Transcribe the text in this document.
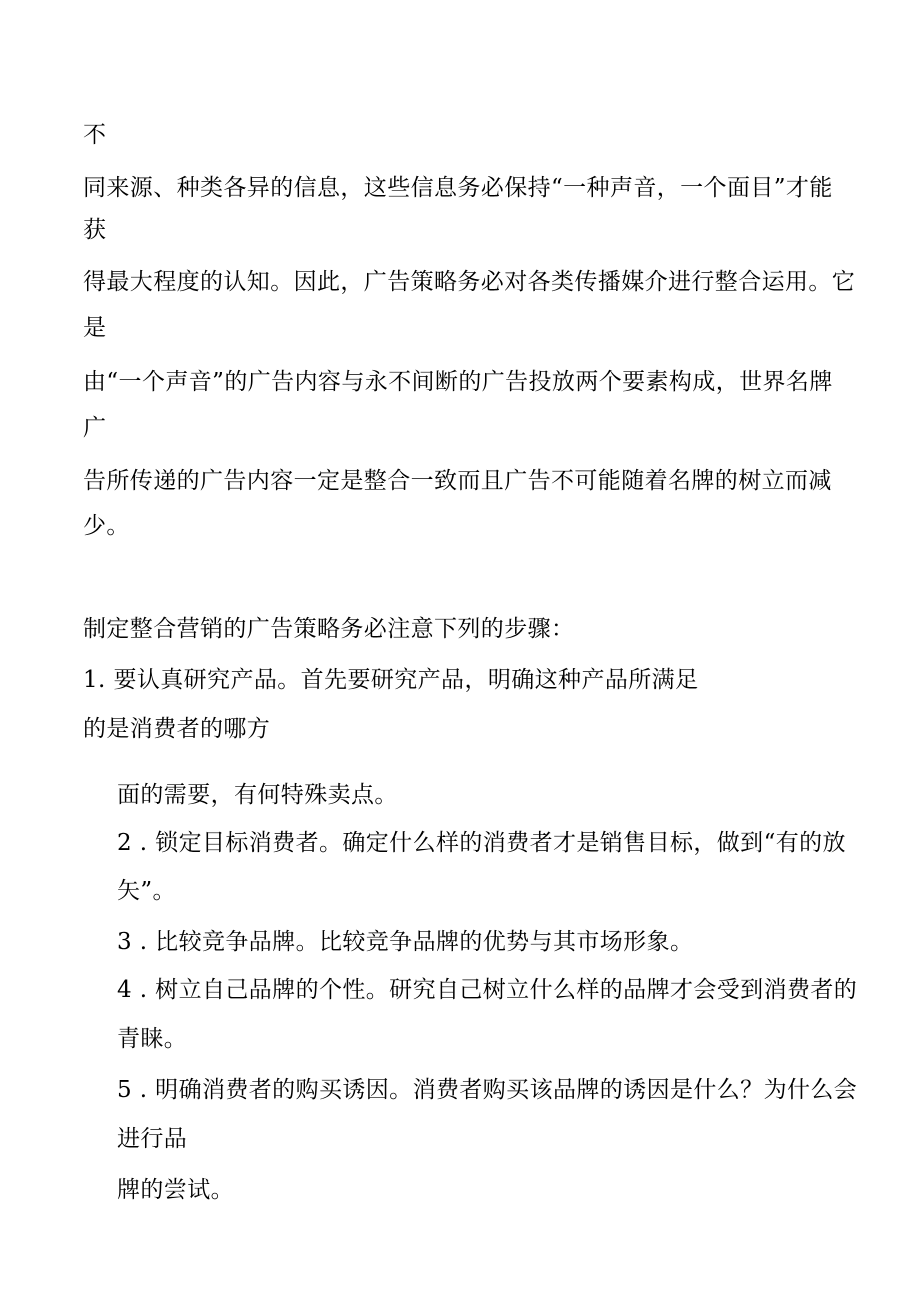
不
同来源、种类各异的信息，这些信息务必保持“一种声音，一个面目”才能
获
得最大程度的认知。因此，广告策略务必对各类传播媒介进行整合运用。它
是
由“一个声音”的广告内容与永不间断的广告投放两个要素构成，世界名牌
广
告所传递的广告内容一定是整合一致而且广告不可能随着名牌的树立而减
少。
制定整合营销的广告策略务必注意下列的步骤：
1. 要认真研究产品。首先要研究产品，明确这种产品所满足
的是消费者的哪方
面的需要，有何特殊卖点。
2 . 锁定目标消费者。确定什么样的消费者才是销售目标，做到“有的放
矢”。
3 . 比较竞争品牌。比较竞争品牌的优势与其市场形象。
4 . 树立自己品牌的个性。研究自己树立什么样的品牌才会受到消费者的
青睐。
5 . 明确消费者的购买诱因。消费者购买该品牌的诱因是什么？为什么会
进行品
牌的尝试。
